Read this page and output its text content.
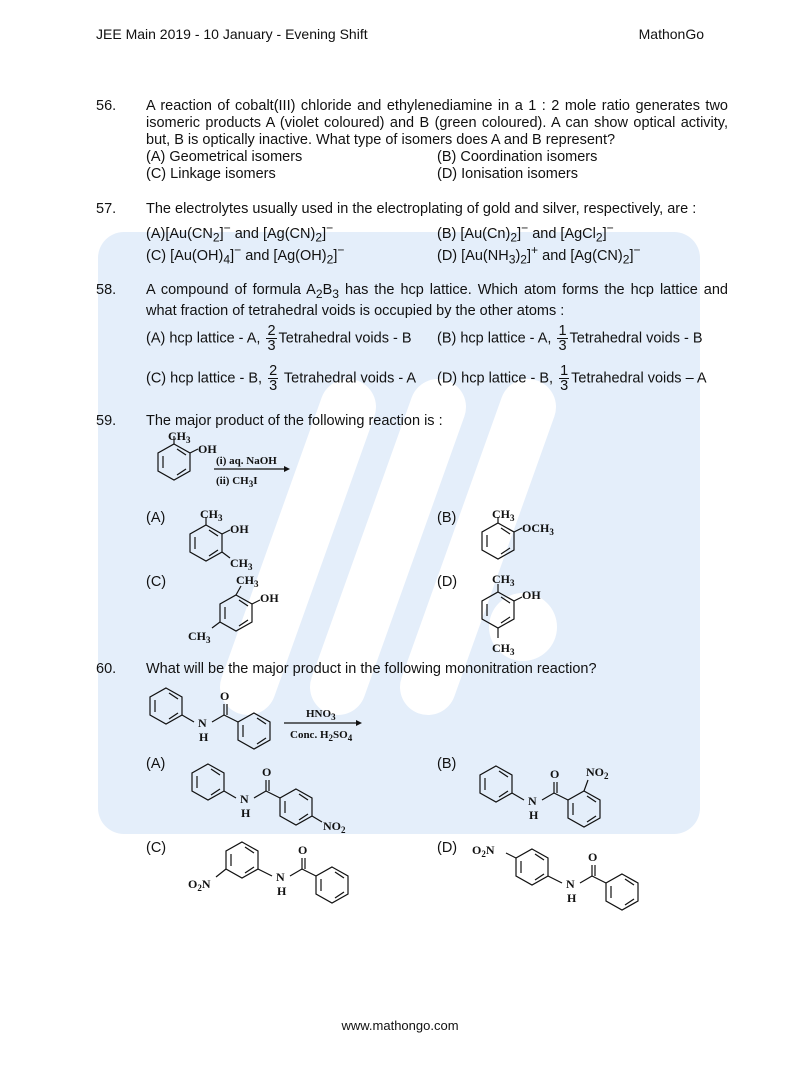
JEE Main 2019 - 10 January - Evening Shift	MathonGo
56. A reaction of cobalt(III) chloride and ethylenediamine in a 1 : 2 mole ratio generates two isomeric products A (violet coloured) and B (green coloured). A can show optical activity, but, B is optically inactive. What type of isomers does A and B represent?
(A) Geometrical isomers	(B) Coordination isomers
(C) Linkage isomers	(D) Ionisation isomers
57. The electrolytes usually used in the electroplating of gold and silver, respectively, are :
$(A)[Au(CN_2]^-$ and $[Ag(CN)_2]^-$	(B) $[Au(Cn)_2]^-$ and [AgCl$_2$]−
(C) $[Au(OH)_4]^-$ and $[Ag(OH)_2]^-$	(D) $[Au(NH_3)_2]^+$ and $[Ag(CN)_2]^-$
58. A compound of formula $A_2B_3$ has the hcp lattice. Which atom forms the hcp lattice and what fraction of tetrahedral voids is occupied by the other atoms :
(A) hcp lattice - A, $\frac{2}{3}$ Tetrahedral voids - B (B) hcp lattice - A, $\frac{1}{3}$ Tetrahedral voids - B
(C) hcp lattice - B, $\frac{2}{3}$ Tetrahedral voids - A (D) hcp lattice - B, $\frac{1}{3}$ Tetrahedral voids – A
59. The major product of the following reaction is :
$CH_3$
OH
(i) aq. NaOH
(ii) $CH_3I$
(A)	$CH_3$
OH
$CH_3$
(B)	$CH_3$
$OCH_3$
(C)	$CH_3$
OH
$CH_3$
(D)	$CH_3$
OH
$CH_3$
60. What will be the major product in the following mononitration reaction?
O
N
H
$HNO_3$
Conc. $H_2SO_4$
(A)	O
N
H
$NO_2$
(B)
O
N
H
$NO_2$
(C)
$O_2N$
O
N
H
(D) $O_2N$	O
N
H
www.mathongo.com
